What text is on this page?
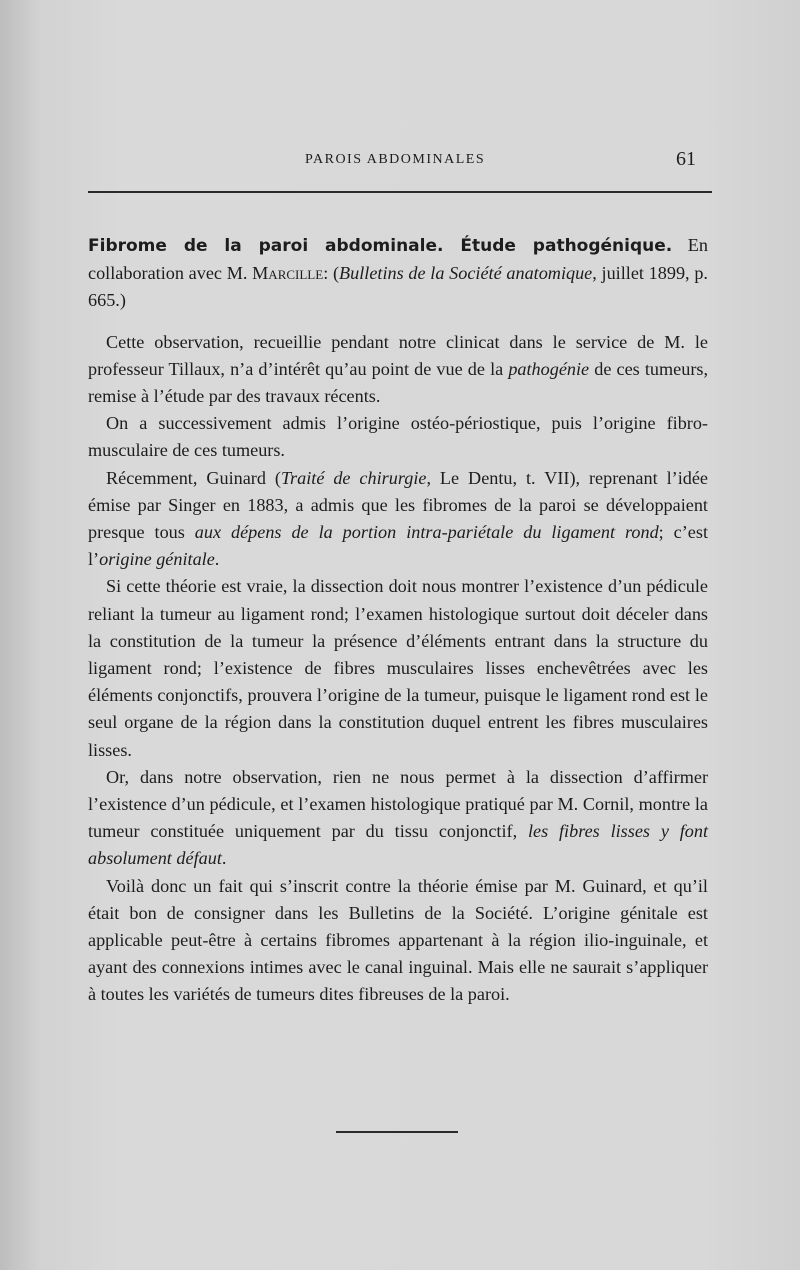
PAROIS ABDOMINALES	61

Fibrome de la paroi abdominale. Étude pathogénique. En collaboration avec M. Marcille: (Bulletins de la Société anatomique, juillet 1899, p. 665.)

Cette observation, recueillie pendant notre clinicat dans le service de M. le professeur Tillaux, n’a d’intérêt qu’au point de vue de la pathogénie de ces tumeurs, remise à l’étude par des travaux récents.

On a successivement admis l’origine ostéo-périostique, puis l’origine fibro-musculaire de ces tumeurs.

Récemment, Guinard (Traité de chirurgie, Le Dentu, t. VII), reprenant l’idée émise par Singer en 1883, a admis que les fibromes de la paroi se développaient presque tous aux dépens de la portion intra-pariétale du ligament rond; c’est l’origine génitale.

Si cette théorie est vraie, la dissection doit nous montrer l’existence d’un pédicule reliant la tumeur au ligament rond; l’examen histologique surtout doit déceler dans la constitution de la tumeur la présence d’éléments entrant dans la structure du ligament rond; l’existence de fibres musculaires lisses enchevêtrées avec les éléments conjonctifs, prouvera l’origine de la tumeur, puisque le ligament rond est le seul organe de la région dans la constitution duquel entrent les fibres musculaires lisses.

Or, dans notre observation, rien ne nous permet à la dissection d’affirmer l’existence d’un pédicule, et l’examen histologique pratiqué par M. Cornil, montre la tumeur constituée uniquement par du tissu conjonctif, les fibres lisses y font absolument défaut.

Voilà donc un fait qui s’inscrit contre la théorie émise par M. Guinard, et qu’il était bon de consigner dans les Bulletins de la Société. L’origine génitale est applicable peut-être à certains fibromes appartenant à la région ilio-inguinale, et ayant des connexions intimes avec le canal inguinal. Mais elle ne saurait s’appliquer à toutes les variétés de tumeurs dites fibreuses de la paroi.
